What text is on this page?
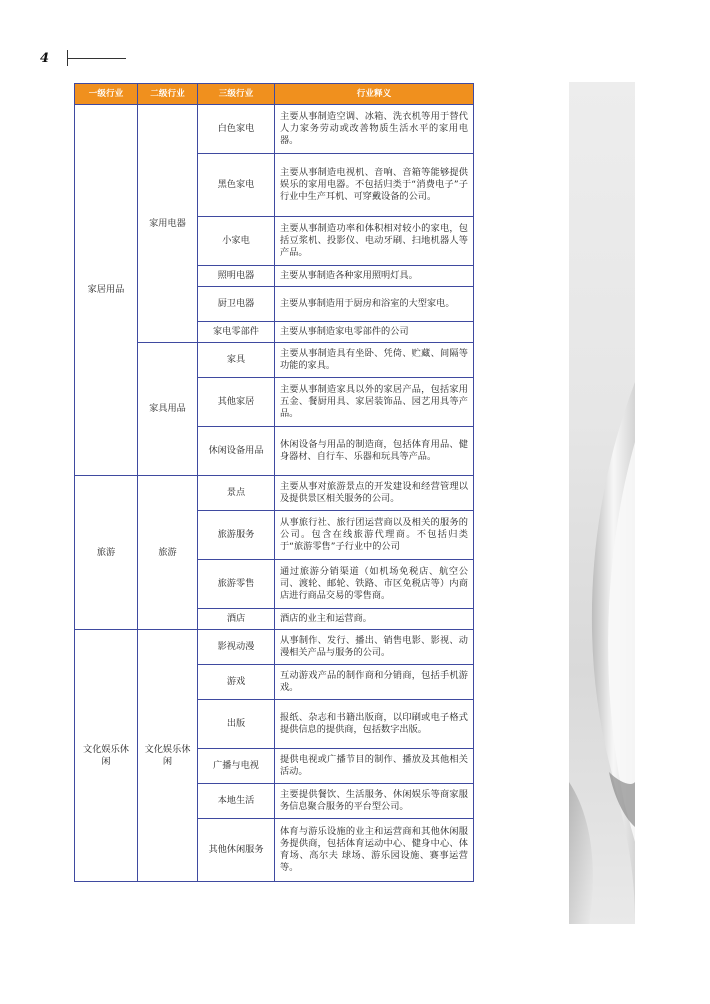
4
一级行业	二级行业	三级行业	行业释义
家居用品	家用电器	白色家电	主要从事制造空调、冰箱、洗衣机等用于替代人力家务劳动或改善物质生活水平的家用电器。
		黑色家电	主要从事制造电视机、音响、音箱等能够提供娱乐的家用电器。不包括归类于“消费电子”子行业中生产耳机、可穿戴设备的公司。
		小家电	主要从事制造功率和体积相对较小的家电，包括豆浆机、投影仪、电动牙刷、扫地机器人等产品。
		照明电器	主要从事制造各种家用照明灯具。
		厨卫电器	主要从事制造用于厨房和浴室的大型家电。
		家电零部件	主要从事制造家电零部件的公司
	家具用品	家具	主要从事制造具有坐卧、凭倚、贮藏、间隔等功能的家具。
		其他家居	主要从事制造家具以外的家居产品，包括家用五金、餐厨用具、家居装饰品、园艺用具等产品。
		休闲设备用品	休闲设备与用品的制造商，包括体育用品、健身器材、自行车、乐器和玩具等产品。
旅游	旅游	景点	主要从事对旅游景点的开发建设和经营管理以及提供景区相关服务的公司。
		旅游服务	从事旅行社、旅行团运营商以及相关的服务的公司。包含在线旅游代理商。不包括归类于“旅游零售”子行业中的公司
		旅游零售	通过旅游分销渠道（如机场免税店、航空公司、渡轮、邮轮、铁路、市区免税店等）内商店进行商品交易的零售商。
		酒店	酒店的业主和运营商。
文化娱乐休闲	文化娱乐休闲	影视动漫	从事制作、发行、播出、销售电影、影视、动漫相关产品与服务的公司。
		游戏	互动游戏产品的制作商和分销商，包括手机游戏。
		出版	报纸、杂志和书籍出版商，以印刷或电子格式提供信息的提供商，包括数字出版。
		广播与电视	提供电视或广播节目的制作、播放及其他相关活动。
		本地生活	主要提供餐饮、生活服务、休闲娱乐等商家服务信息聚合服务的平台型公司。
		其他休闲服务	体育与游乐设施的业主和运营商和其他休闲服务提供商，包括体育运动中心、健身中心、体育场、高尔夫 球场、游乐园设施、赛事运营等。
